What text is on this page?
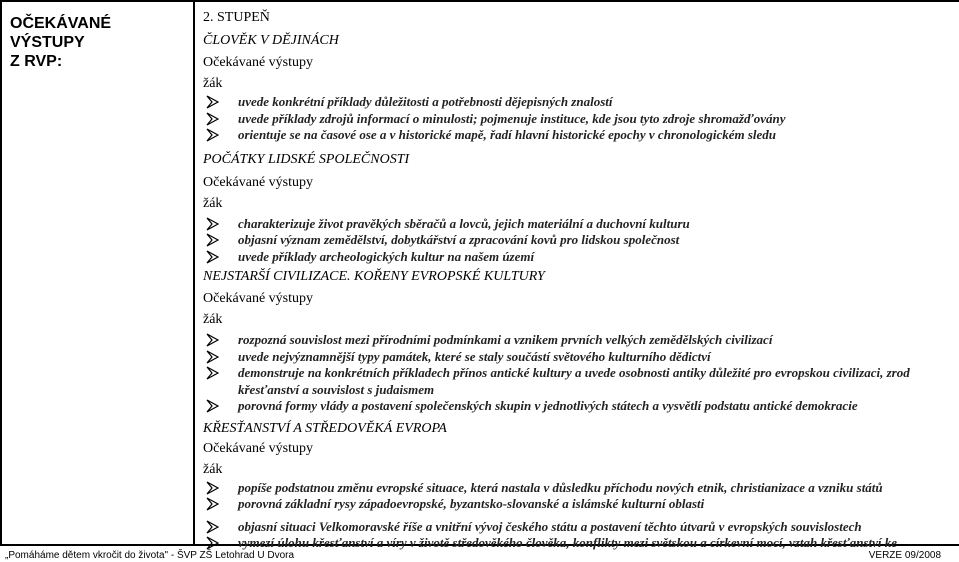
OČEKÁVANÉ VÝSTUPY
Z RVP:
2. STUPEŇ
ČLOVĚK V DĚJINÁCH
Očekávané výstupy
žák
uvede konkrétní příklady důležitosti a potřebnosti dějepisných znalostí
uvede příklady zdrojů informací o minulosti; pojmenuje instituce, kde jsou tyto zdroje shromažďovány
orientuje se na časové ose a v historické mapě, řadí hlavní historické epochy v chronologickém sledu
POČÁTKY LIDSKÉ SPOLEČNOSTI
Očekávané výstupy
žák
charakterizuje život pravěkých sběračů a lovců, jejich materiální a duchovní kulturu
objasní význam zemědělství, dobytkářství a zpracování kovů pro lidskou společnost
uvede příklady archeologických kultur na našem území
NEJSTARŠÍ CIVILIZACE. KOŘENY EVROPSKÉ KULTURY
Očekávané výstupy
žák
rozpozná souvislost mezi přírodními podmínkami a vznikem prvních velkých zemědělských civilizací
uvede nejvýznamnější typy památek, které se staly součástí světového kulturního dědictví
demonstruje na konkrétních příkladech přínos antické kultury a uvede osobnosti antiky důležité pro evropskou civilizaci, zrod křesťanství a souvislost s judaismem
porovná formy vlády a postavení společenských skupin v jednotlivých státech a vysvětlí podstatu antické demokracie
KŘESŤANSTVÍ A STŘEDOVĚKÁ EVROPA
Očekávané výstupy
žák
popíše podstatnou změnu evropské situace, která nastala v důsledku příchodu nových etnik, christianizace a vzniku států
porovná základní rysy západoevropské, byzantsko-slovanské a islámské kulturní oblasti
objasní situaci Velkomoravské říše a vnitřní vývoj českého státu a postavení těchto útvarů v evropských souvislostech
vymezí úlohu křesťanství a víry v životě středověkého člověka, konflikty mezi světskou a církevní mocí, vztah křesťanství ke
„Pomáháme dětem vkročit do života" - ŠVP ZŠ Letohrad U Dvora	VERZE 09/2008
